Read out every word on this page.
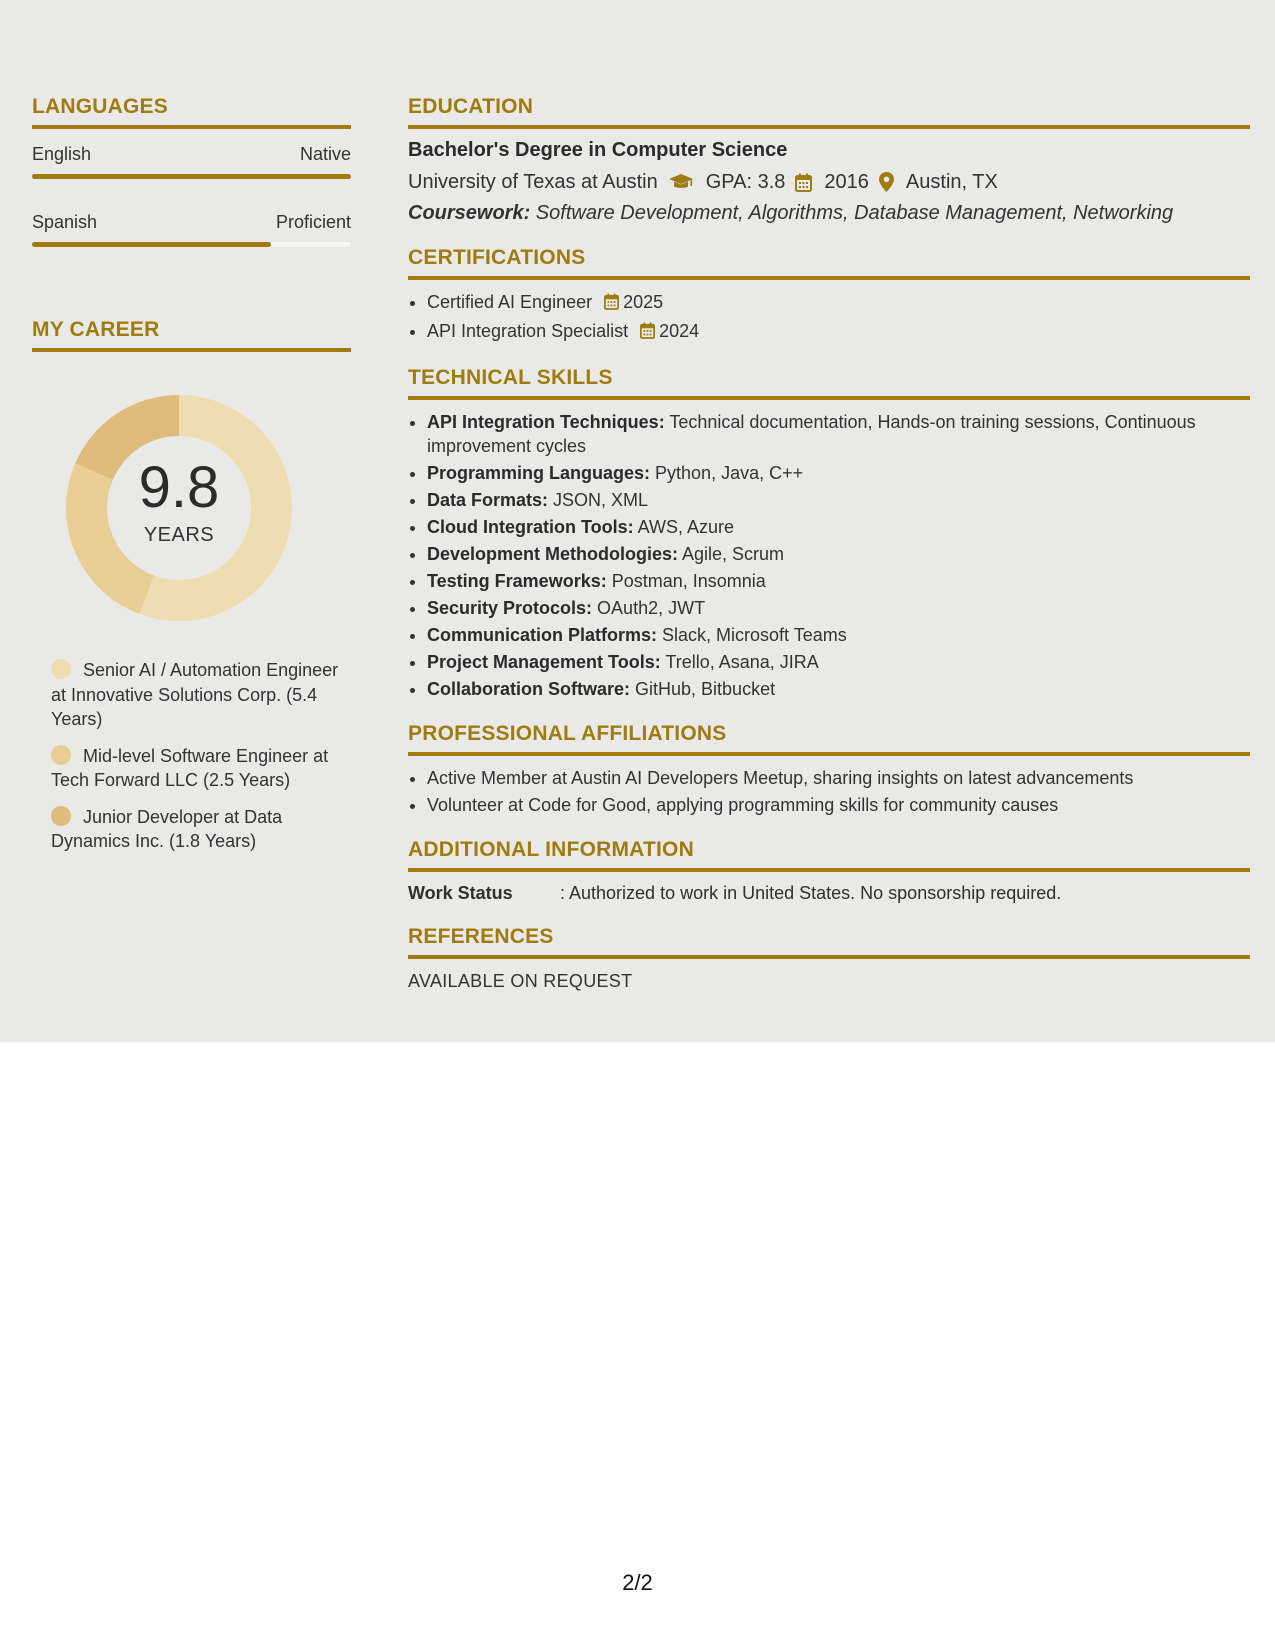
LANGUAGES
English	Native
Spanish	Proficient
MY CAREER
9.8
YEARS
Senior AI / Automation Engineer at Innovative Solutions Corp. (5.4 Years)
Mid-level Software Engineer at Tech Forward LLC (2.5 Years)
Junior Developer at Data Dynamics Inc. (1.8 Years)
EDUCATION
Bachelor's Degree in Computer Science
University of Texas at Austin GPA: 3.8 2016 Austin, TX
Coursework: Software Development, Algorithms, Database Management, Networking
CERTIFICATIONS
• Certified AI Engineer 2025
• API Integration Specialist 2024
TECHNICAL SKILLS
• API Integration Techniques: Technical documentation, Hands-on training sessions, Continuous improvement cycles
• Programming Languages: Python, Java, C++
• Data Formats: JSON, XML
• Cloud Integration Tools: AWS, Azure
• Development Methodologies: Agile, Scrum
• Testing Frameworks: Postman, Insomnia
• Security Protocols: OAuth2, JWT
• Communication Platforms: Slack, Microsoft Teams
• Project Management Tools: Trello, Asana, JIRA
• Collaboration Software: GitHub, Bitbucket
PROFESSIONAL AFFILIATIONS
• Active Member at Austin AI Developers Meetup, sharing insights on latest advancements
• Volunteer at Code for Good, applying programming skills for community causes
ADDITIONAL INFORMATION
Work Status	: Authorized to work in United States. No sponsorship required.
REFERENCES
AVAILABLE ON REQUEST
2/2
